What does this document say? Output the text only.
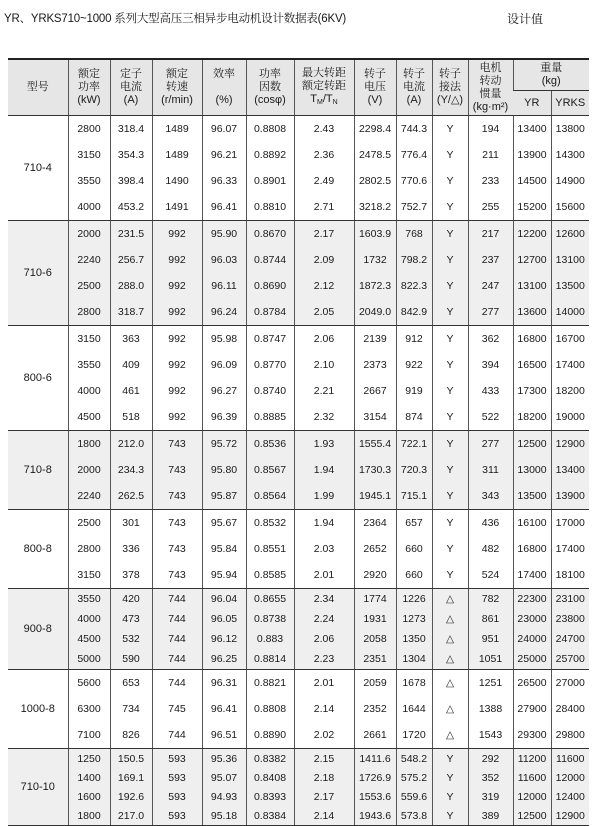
YR、YRKS710~1000 系列大型高压三相异步电动机设计数据表(6KV)	设计值
型号	额定
功率
(kW)	定子
电流
(A)	额定
转速
(r/min)	效率

(%)	功率
因数
(cosφ)	最大转距
额定转距
$T_M/T_N$	转子
电压
(V)	转子
电流
(A)	转子
接法
(Y/△)	电机
转动
惯量
(kg·m²)	重量
(kg)	
											YR	YRKS
710-4	2800	318.4	1489	96.07	0.8808	2.43	2298.4	744.3	Y	194	13400	13800
	3150	354.3	1489	96.21	0.8892	2.36	2478.5	776.4	Y	211	13900	14300
	3550	398.4	1490	96.33	0.8901	2.49	2802.5	770.6	Y	233	14500	14900
	4000	453.2	1491	96.41	0.8810	2.71	3218.2	752.7	Y	255	15200	15600
710-6	2000	231.5	992	95.90	0.8670	2.17	1603.9	768	Y	217	12200	12600
	2240	256.7	992	96.03	0.8744	2.09	1732	798.2	Y	237	12700	13100
	2500	288.0	992	96.11	0.8690	2.12	1872.3	822.3	Y	247	13100	13500
	2800	318.7	992	96.24	0.8784	2.05	2049.0	842.9	Y	277	13600	14000
800-6	3150	363	992	95.98	0.8747	2.06	2139	912	Y	362	16800	16700
	3550	409	992	96.09	0.8770	2.10	2373	922	Y	394	16500	17400
	4000	461	992	96.27	0.8740	2.21	2667	919	Y	433	17300	18200
	4500	518	992	96.39	0.8885	2.32	3154	874	Y	522	18200	19000
710-8	1800	212.0	743	95.72	0.8536	1.93	1555.4	722.1	Y	277	12500	12900
	2000	234.3	743	95.80	0.8567	1.94	1730.3	720.3	Y	311	13000	13400
	2240	262.5	743	95.87	0.8564	1.99	1945.1	715.1	Y	343	13500	13900
800-8	2500	301	743	95.67	0.8532	1.94	2364	657	Y	436	16100	17000
	2800	336	743	95.84	0.8551	2.03	2652	660	Y	482	16800	17400
	3150	378	743	95.94	0.8585	2.01	2920	660	Y	524	17400	18100
900-8	3550	420	744	96.04	0.8655	2.34	1774	1226	△	782	22300	23100
	4000	473	744	96.05	0.8738	2.24	1931	1273	△	861	23000	23800
	4500	532	744	96.12	0.883	2.06	2058	1350	△	951	24000	24700
	5000	590	744	96.25	0.8814	2.23	2351	1304	△	1051	25000	25700
1000-8	5600	653	744	96.31	0.8821	2.01	2059	1678	△	1251	26500	27000
	6300	734	745	96.41	0.8808	2.14	2352	1644	△	1388	27900	28400
	7100	826	744	96.51	0.8890	2.02	2661	1720	△	1543	29300	29800
710-10	1250	150.5	593	95.36	0.8382	2.15	1411.6	548.2	Y	292	11200	11600
	1400	169.1	593	95.07	0.8408	2.18	1726.9	575.2	Y	352	11600	12000
	1600	192.6	593	94.93	0.8393	2.17	1553.6	559.6	Y	319	12000	12400
	1800	217.0	593	95.18	0.8384	2.14	1943.6	573.8	Y	389	12500	12900
